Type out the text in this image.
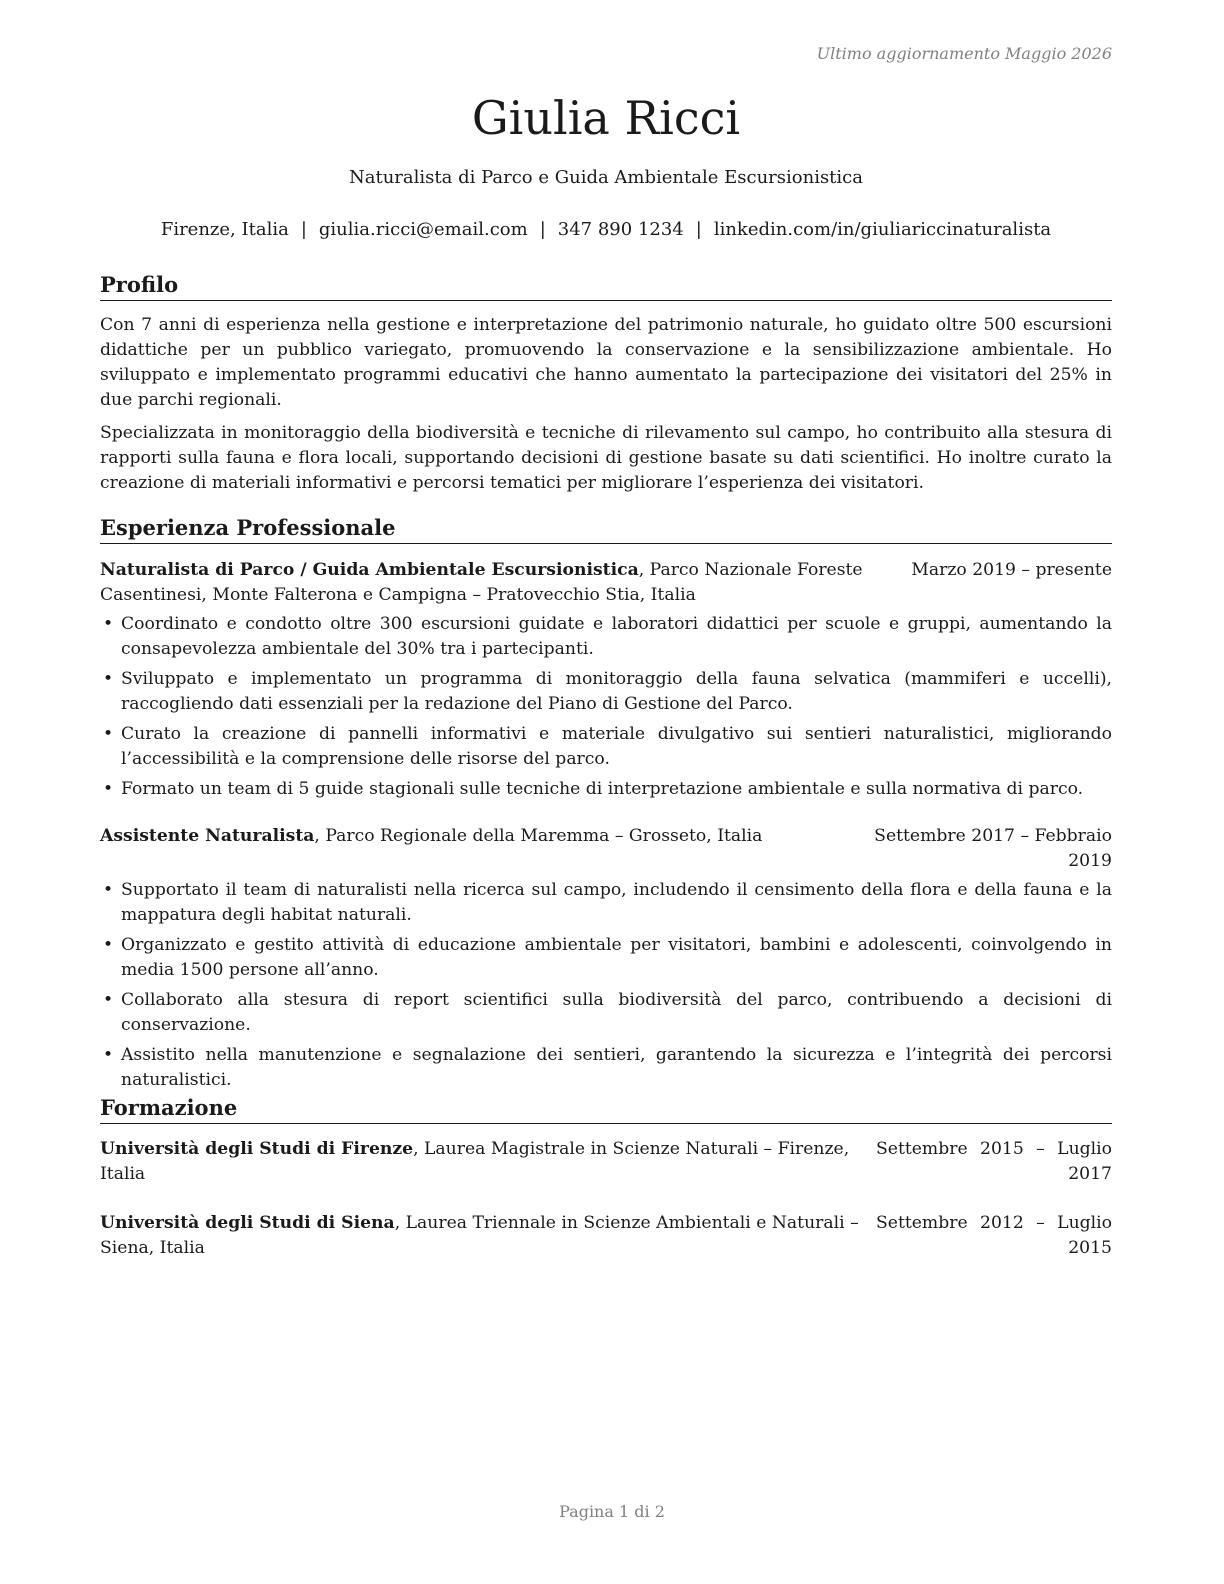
Ultimo aggiornamento Maggio 2026
Giulia Ricci
Naturalista di Parco e Guida Ambientale Escursionistica
Firenze, Italia | giulia.ricci@email.com | 347 890 1234 | linkedin.com/in/giuliariccinaturalista
Profilo

Con 7 anni di esperienza nella gestione e interpretazione del patrimonio naturale, ho guidato oltre 500 escursioni didattiche per un pubblico variegato, promuovendo la conservazione e la sensibilizzazione ambientale. Ho sviluppato e implementato programmi educativi che hanno aumentato la partecipazione dei visitatori del 25% in due parchi regionali.

Specializzata in monitoraggio della biodiversità e tecniche di rilevamento sul campo, ho contribuito alla stesura di rapporti sulla fauna e flora locali, supportando decisioni di gestione basate su dati scientifici. Ho inoltre curato la creazione di materiali informativi e percorsi tematici per migliorare l’esperienza dei visitatori.

Esperienza Professionale
Naturalista di Parco / Guida Ambientale Escursionistica, Parco Nazionale Foreste Casentinesi, Monte Falterona e Campigna – Pratovecchio Stia, Italia
Marzo 2019 – presente
• Coordinato e condotto oltre 300 escursioni guidate e laboratori didattici per scuole e gruppi, aumentando la consapevolezza ambientale del 30% tra i partecipanti.
• Sviluppato e implementato un programma di monitoraggio della fauna selvatica (mammiferi e uccelli), raccogliendo dati essenziali per la redazione del Piano di Gestione del Parco.
• Curato la creazione di pannelli informativi e materiale divulgativo sui sentieri naturalistici, migliorando l’accessibilità e la comprensione delle risorse del parco.
• Formato un team di 5 guide stagionali sulle tecniche di interpretazione ambientale e sulla normativa di parco.
Assistente Naturalista, Parco Regionale della Maremma – Grosseto, Italia	Settembre 2017 – Febbraio 2019
• Supportato il team di naturalisti nella ricerca sul campo, includendo il censimento della flora e della fauna e la mappatura degli habitat naturali.
• Organizzato e gestito attività di educazione ambientale per visitatori, bambini e adolescenti, coinvolgendo in media 1500 persone all’anno.
• Collaborato alla stesura di report scientifici sulla biodiversità del parco, contribuendo a decisioni di conservazione.
• Assistito nella manutenzione e segnalazione dei sentieri, garantendo la sicurezza e l’integrità dei percorsi naturalistici.
Formazione
Università degli Studi di Firenze, Laurea Magistrale in Scienze Naturali – Firenze, Italia
Settembre 2015 – Luglio 2017
Università degli Studi di Siena, Laurea Triennale in Scienze Ambientali e Naturali – Siena, Italia
Settembre 2012 – Luglio 2015
Pagina 1 di 2
